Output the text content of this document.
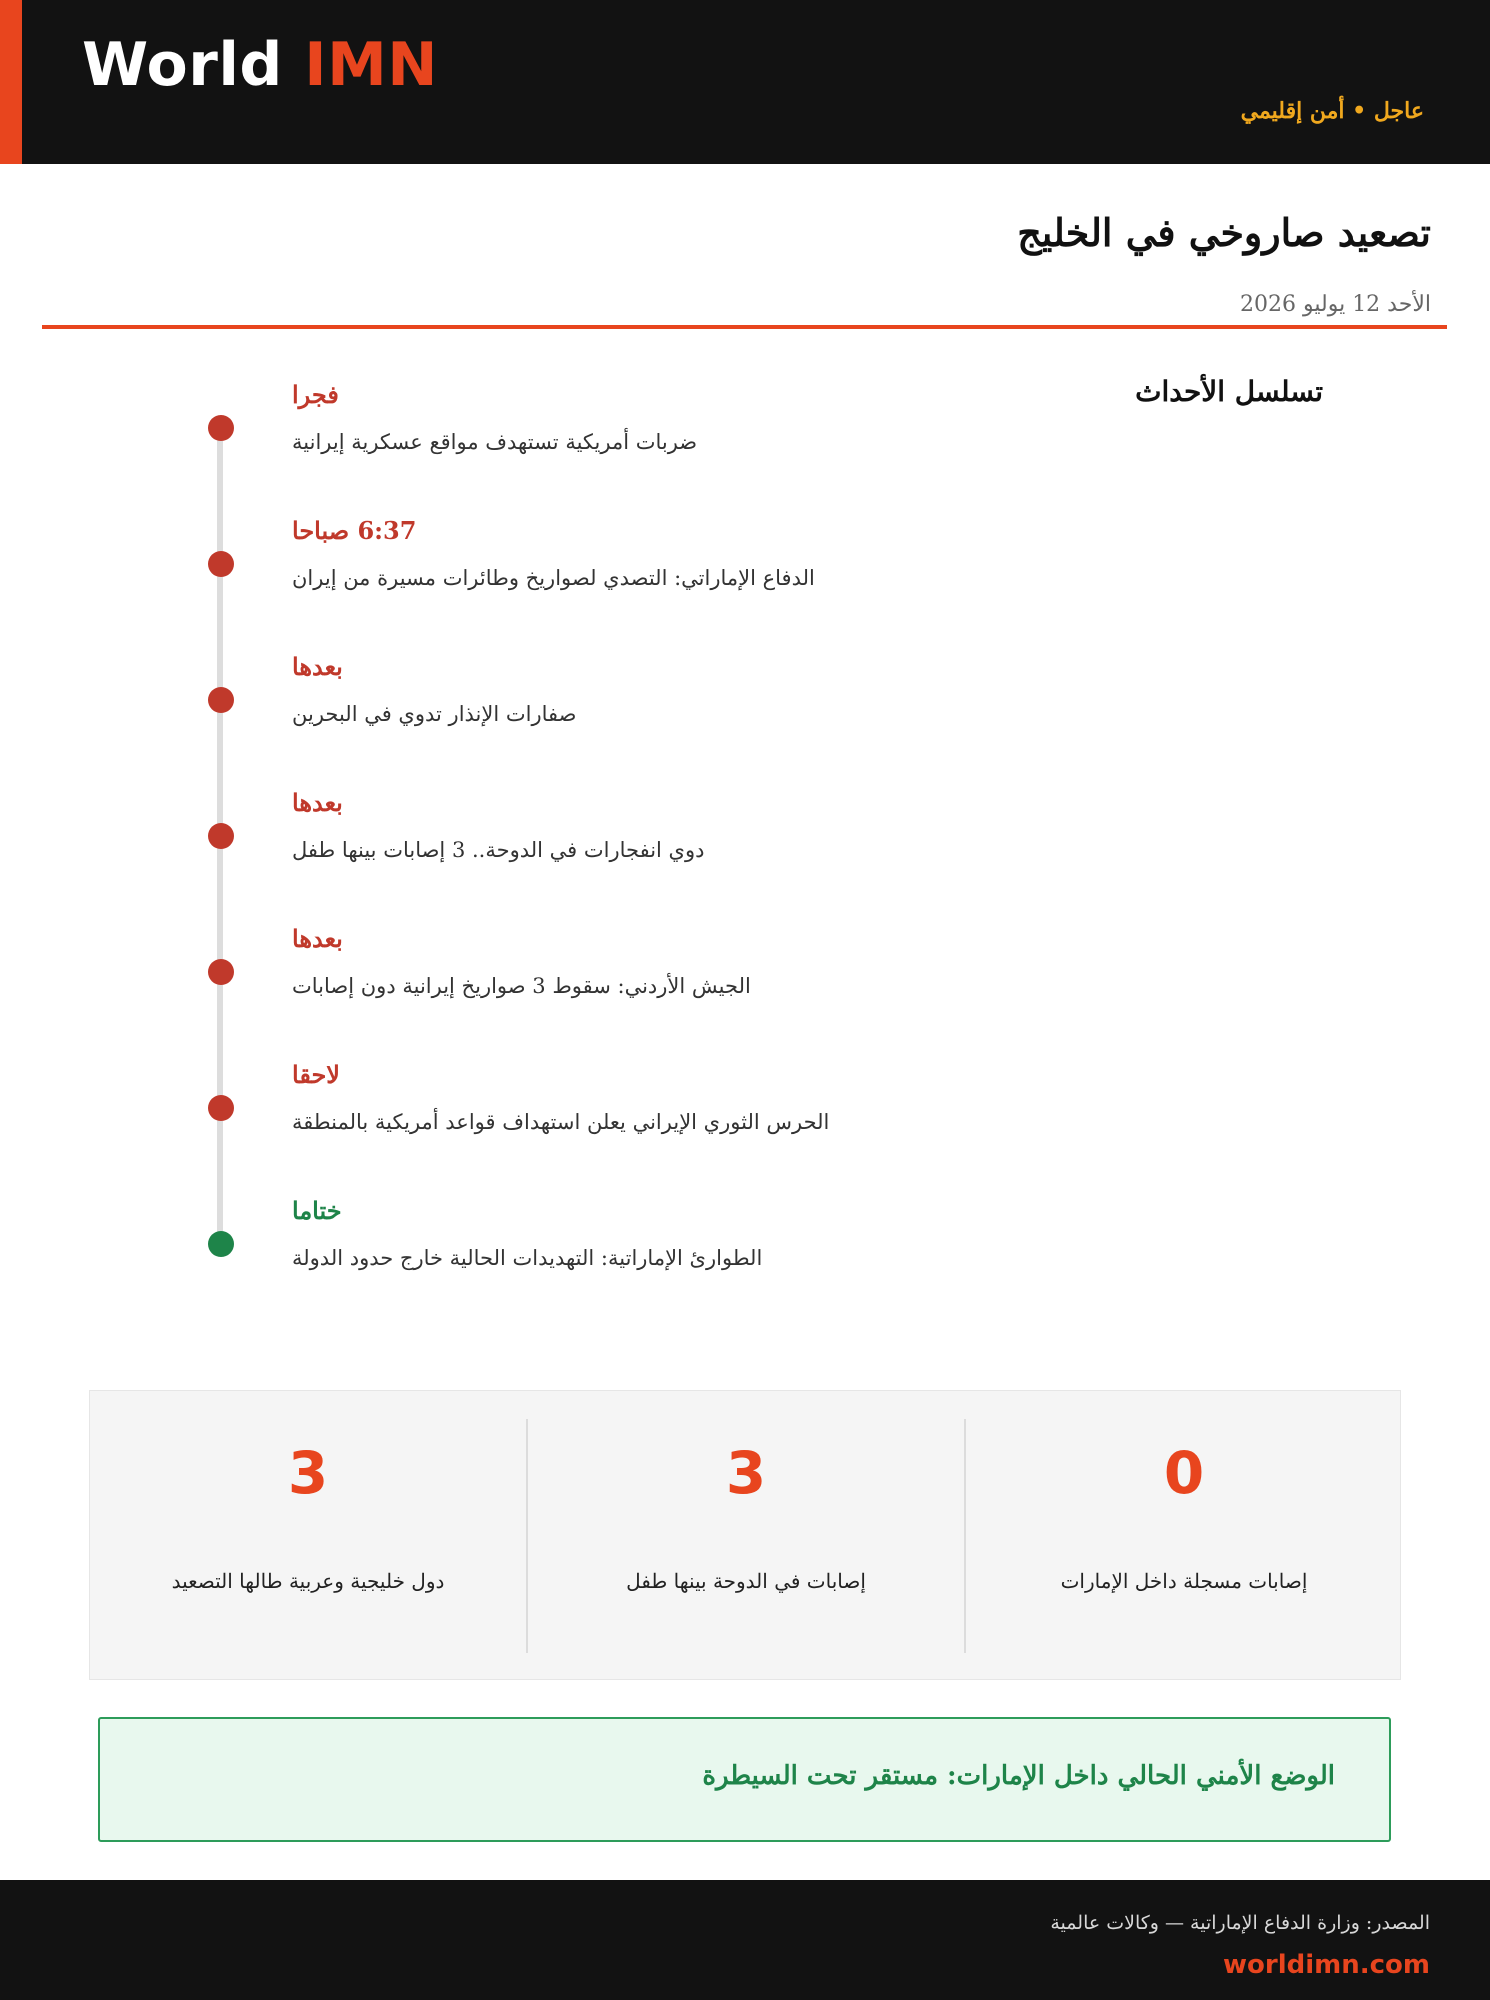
World IMN
عاجل • أمن إقليمي
تصعيد صاروخي في الخليج
الأحد 12 يوليو 2026
تسلسل الأحداث
فجرا
ضربات أمريكية تستهدف مواقع عسكرية إيرانية
6:37 صباحا
الدفاع الإماراتي: التصدي لصواريخ وطائرات مسيرة من إيران
بعدها
صفارات الإنذار تدوي في البحرين
بعدها
دوي انفجارات في الدوحة.. 3 إصابات بينها طفل
بعدها
الجيش الأردني: سقوط 3 صواريخ إيرانية دون إصابات
لاحقا
الحرس الثوري الإيراني يعلن استهداف قواعد أمريكية بالمنطقة
ختاما
الطوارئ الإماراتية: التهديدات الحالية خارج حدود الدولة
3
دول خليجية وعربية طالها التصعيد
3
إصابات في الدوحة بينها طفل
0
إصابات مسجلة داخل الإمارات
الوضع الأمني الحالي داخل الإمارات: مستقر تحت السيطرة
المصدر: وزارة الدفاع الإماراتية — وكالات عالمية
worldimn.com
